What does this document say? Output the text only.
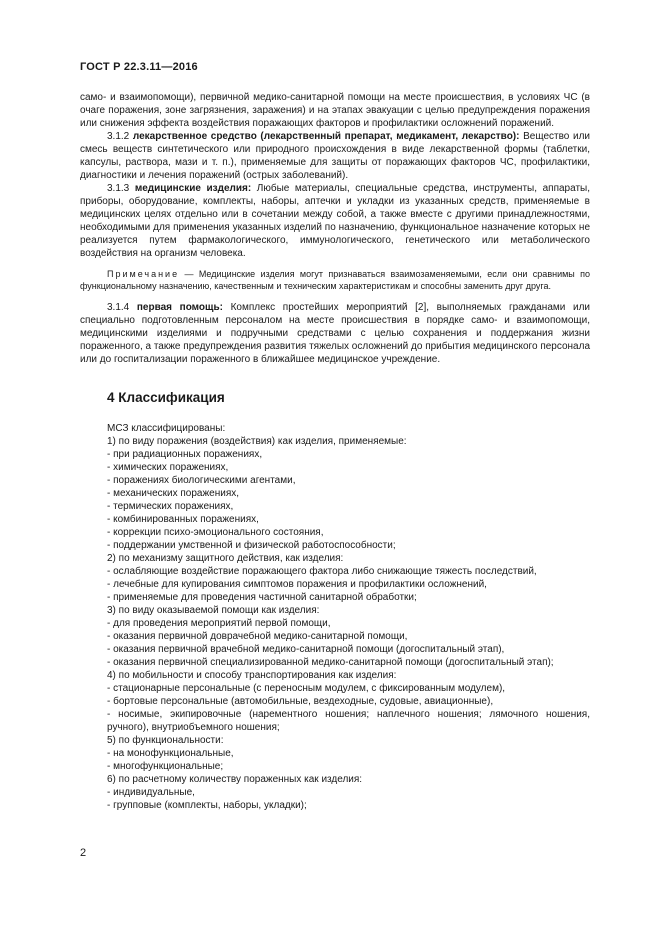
ГОСТ Р 22.3.11—2016

само- и взаимопомощи), первичной медико-санитарной помощи на месте происшествия, в условиях ЧС (в очаге поражения, зоне загрязнения, заражения) и на этапах эвакуации с целью предупреждения поражения или снижения эффекта воздействия поражающих факторов и профилактики осложнений поражений.

3.1.2 лекарственное средство (лекарственный препарат, медикамент, лекарство): Вещество или смесь веществ синтетического или природного происхождения в виде лекарственной формы (таблетки, капсулы, раствора, мази и т. п.), применяемые для защиты от поражающих факторов ЧС, профилактики, диагностики и лечения поражений (острых заболеваний).

3.1.3 медицинские изделия: Любые материалы, специальные средства, инструменты, аппараты, приборы, оборудование, комплекты, наборы, аптечки и укладки из указанных средств, применяемые в медицинских целях отдельно или в сочетании между собой, а также вместе с другими принадлежностями, необходимыми для применения указанных изделий по назначению, функциональное назначение которых не реализуется путем фармакологического, иммунологического, генетического или метаболического воздействия на организм человека.

Примечание — Медицинские изделия могут признаваться взаимозаменяемыми, если они сравнимы по функциональному назначению, качественным и техническим характеристикам и способны заменить друг друга.

3.1.4 первая помощь: Комплекс простейших мероприятий [2], выполняемых гражданами или специально подготовленным персоналом на месте происшествия в порядке само- и взаимопомощи, медицинскими изделиями и подручными средствами с целью сохранения и поддержания жизни пораженного, а также предупреждения развития тяжелых осложнений до прибытия медицинского персонала или до госпитализации пораженного в ближайшее медицинское учреждение.

4 Классификация

МСЗ классифицированы:

1) по виду поражения (воздействия) как изделия, применяемые:

- при радиационных поражениях,

- химических поражениях,

- поражениях биологическими агентами,

- механических поражениях,

- термических поражениях,

- комбинированных поражениях,

- коррекции психо-эмоционального состояния,

- поддержании умственной и физической работоспособности;

2) по механизму защитного действия, как изделия:

- ослабляющие воздействие поражающего фактора либо снижающие тяжесть последствий,

- лечебные для купирования симптомов поражения и профилактики осложнений,

- применяемые для проведения частичной санитарной обработки;

3) по виду оказываемой помощи как изделия:

- для проведения мероприятий первой помощи,

- оказания первичной доврачебной медико-санитарной помощи,

- оказания первичной врачебной медико-санитарной помощи (догоспитальный этап),

- оказания первичной специализированной медико-санитарной помощи (догоспитальный этап);

4) по мобильности и способу транспортирования как изделия:

- стационарные персональные (с переносным модулем, с фиксированным модулем),

- бортовые персональные (автомобильные, вездеходные, судовые, авиационные),

- носимые, экипировочные (нарементного ношения; наплечного ношения; лямочного ношения, ручного), внутриобъемного ношения;

5) по функциональности:

- на монофункциональные,

- многофункциональные;

6) по расчетному количеству пораженных как изделия:

- индивидуальные,

- групповые (комплекты, наборы, укладки);

2
